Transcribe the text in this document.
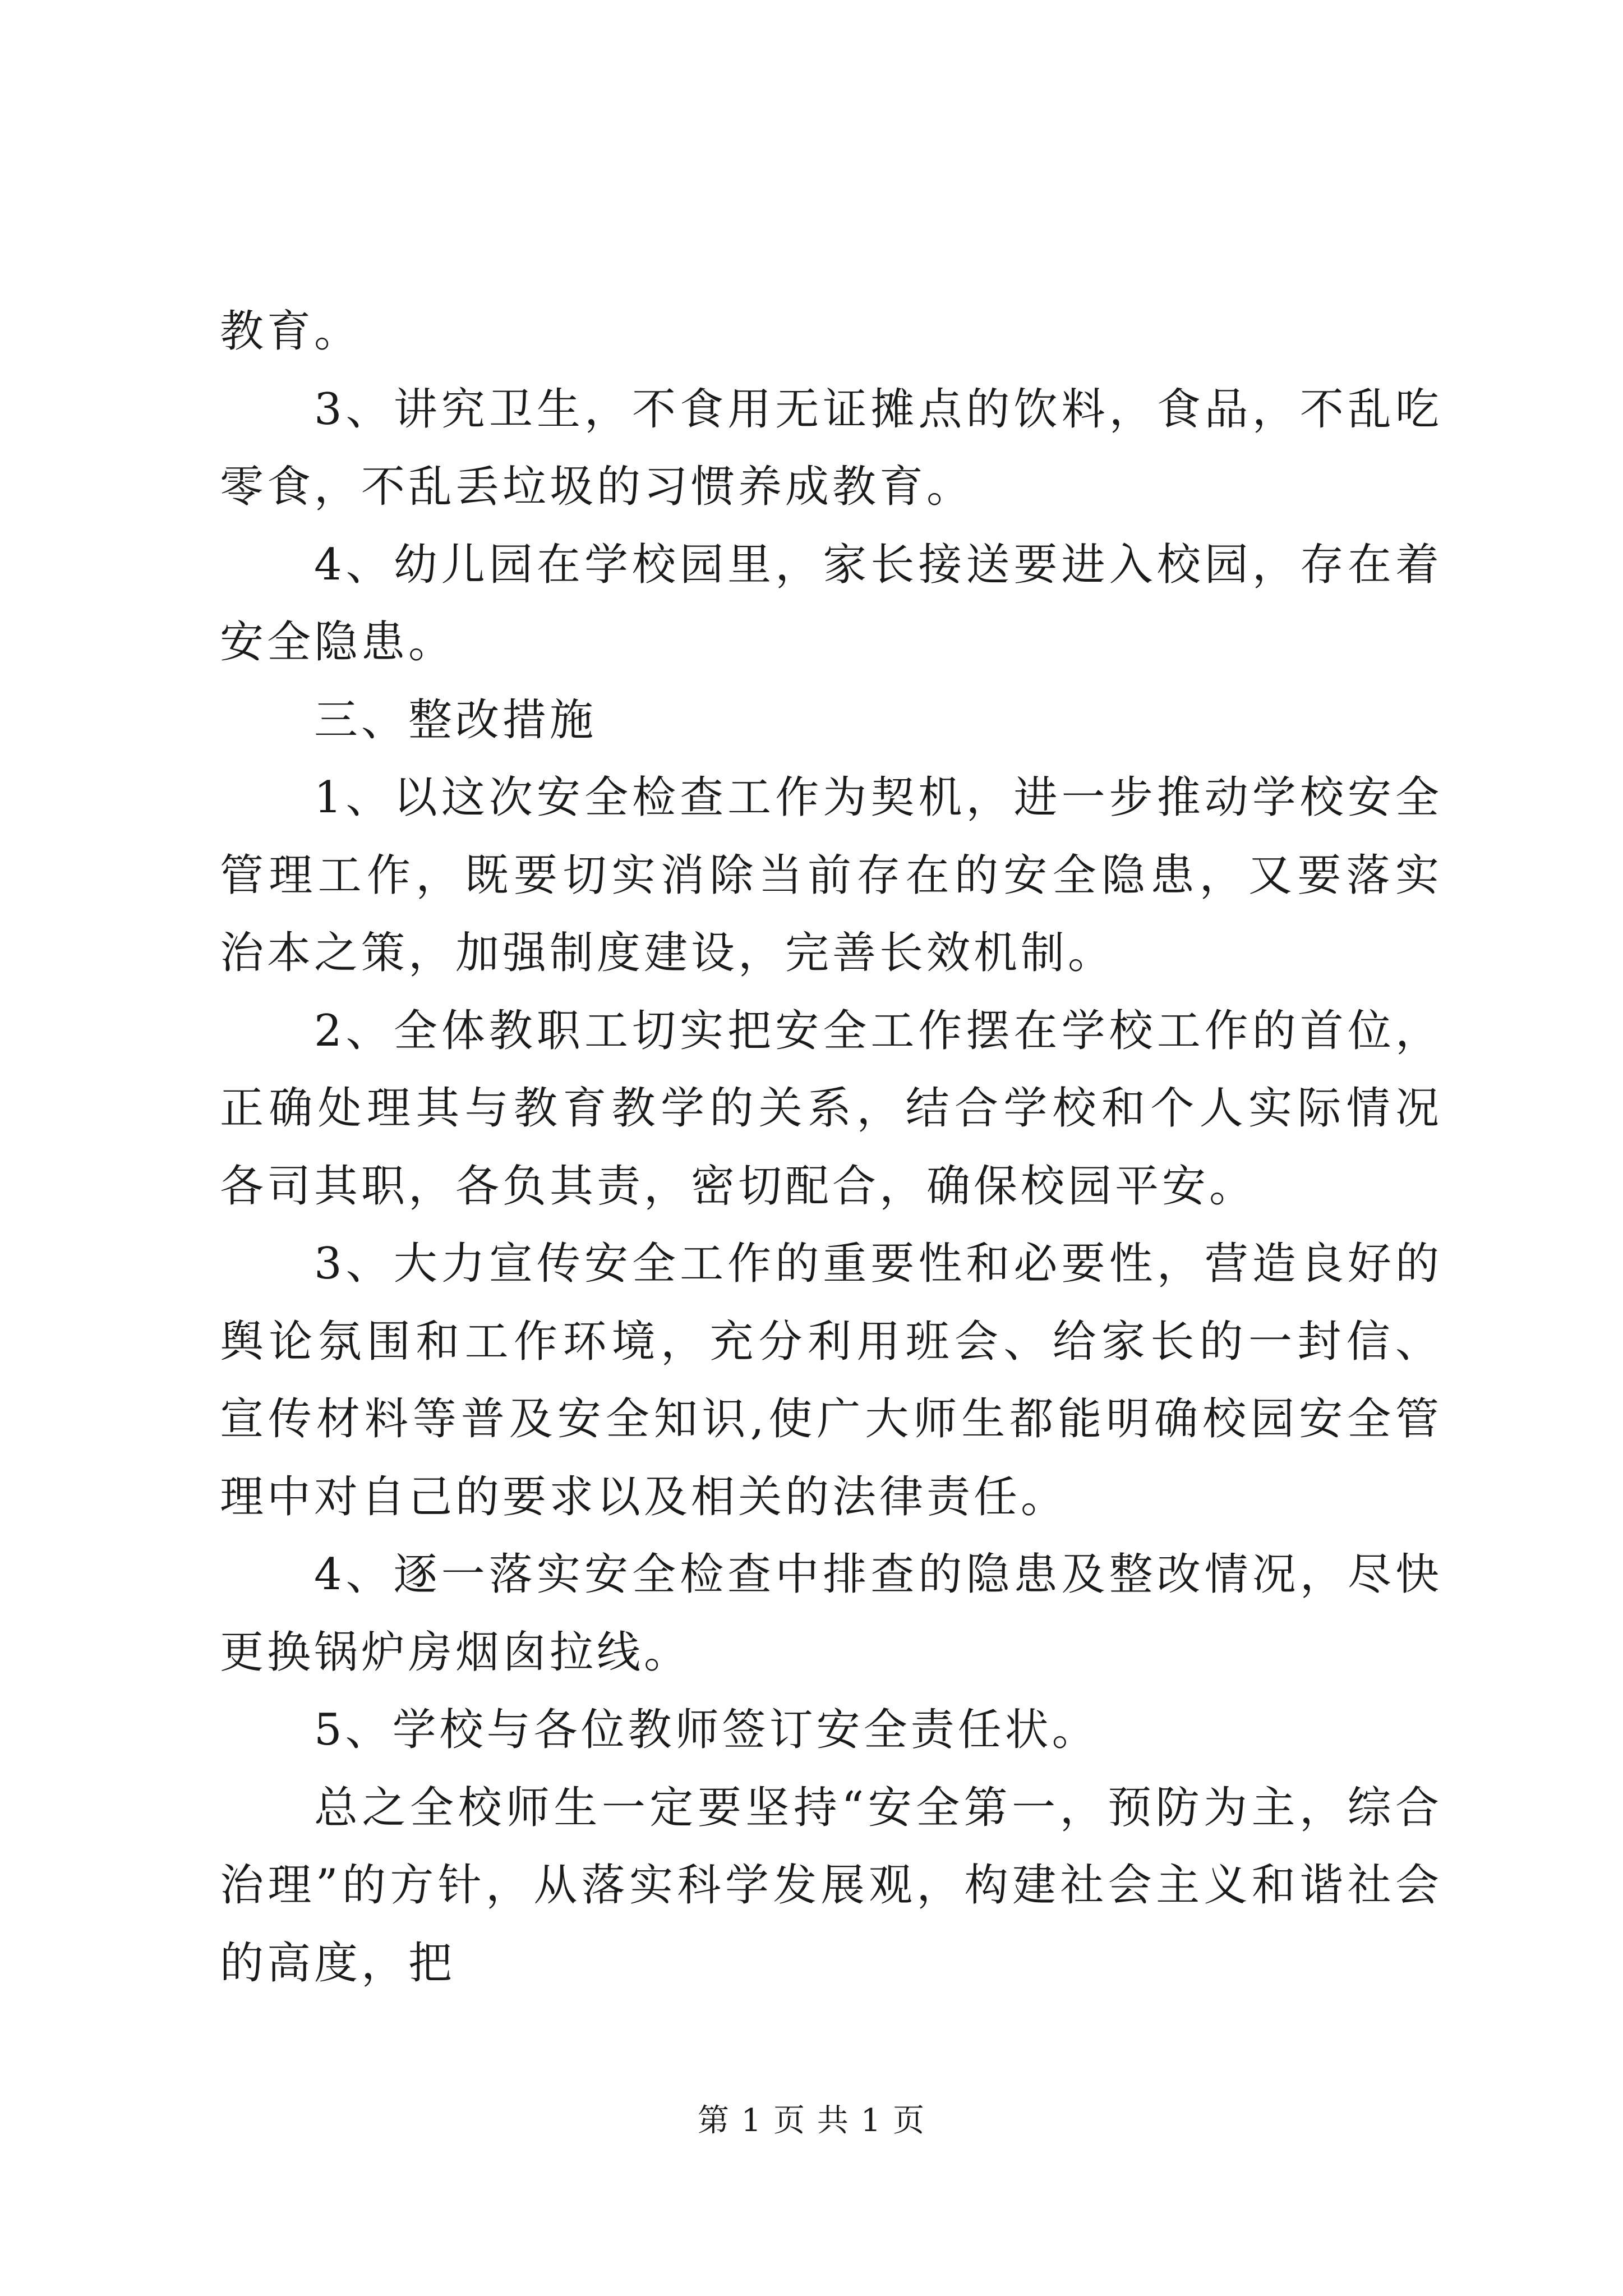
教育。

3、讲究卫生，不食用无证摊点的饮料，食品，不乱吃零食，不乱丢垃圾的习惯养成教育。

4、幼儿园在学校园里，家长接送要进入校园，存在着安全隐患。

三、整改措施

1、以这次安全检查工作为契机，进一步推动学校安全管理工作，既要切实消除当前存在的安全隐患，又要落实治本之策，加强制度建设，完善长效机制。

2、全体教职工切实把安全工作摆在学校工作的首位，正确处理其与教育教学的关系，结合学校和个人实际情况各司其职，各负其责，密切配合，确保校园平安。

3、大力宣传安全工作的重要性和必要性，营造良好的舆论氛围和工作环境，充分利用班会、给家长的一封信、宣传材料等普及安全知识,使广大师生都能明确校园安全管理中对自己的要求以及相关的法律责任。

4、逐一落实安全检查中排查的隐患及整改情况，尽快更换锅炉房烟囱拉线。

5、学校与各位教师签订安全责任状。

总之全校师生一定要坚持“安全第一，预防为主，综合治理”的方针，从落实科学发展观，构建社会主义和谐社会的高度，把

第 1 页 共 1 页
